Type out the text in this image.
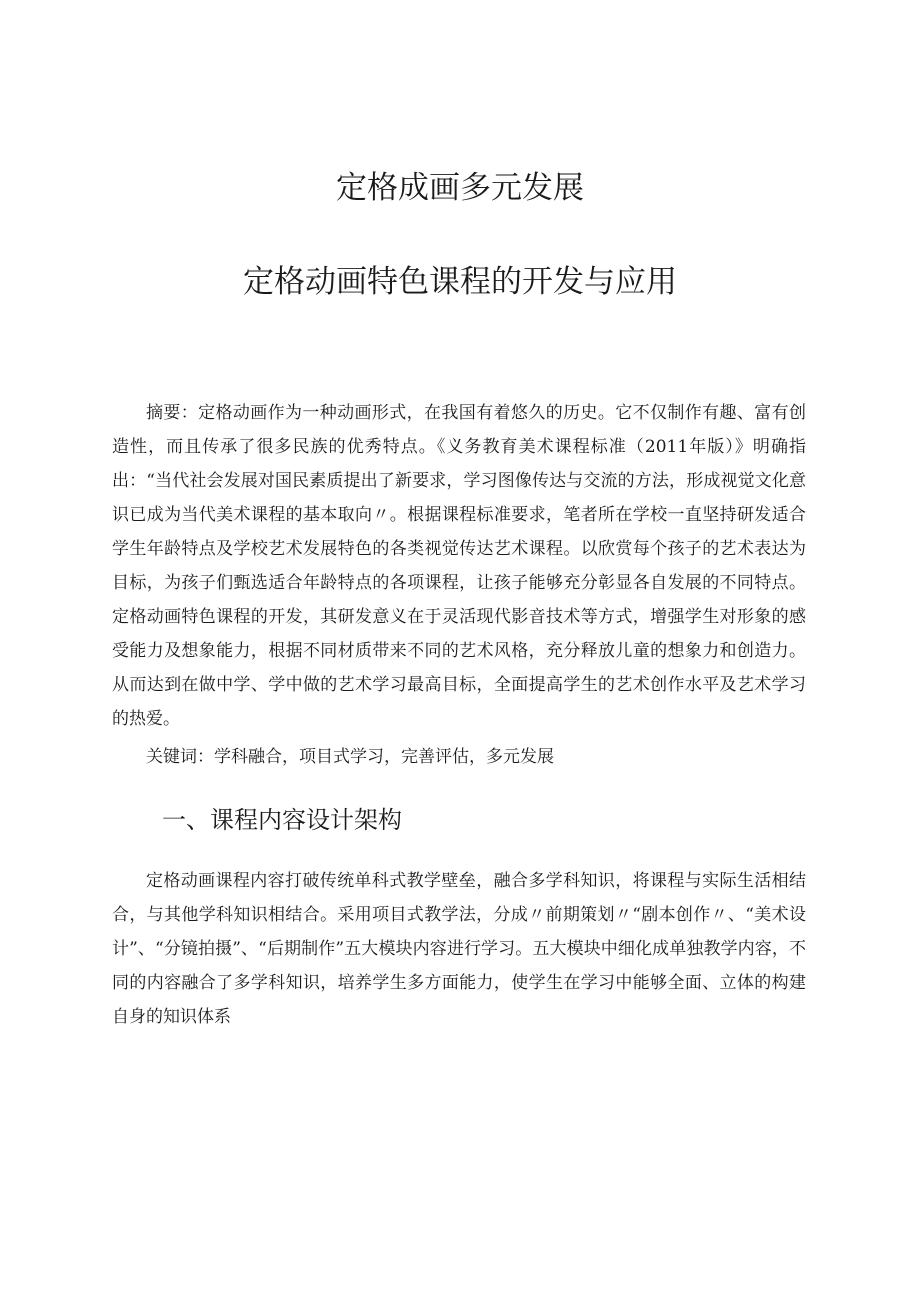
定格成画多元发展
定格动画特色课程的开发与应用

摘要：定格动画作为一种动画形式，在我国有着悠久的历史。它不仅制作有趣、富有创造性，而且传承了很多民族的优秀特点。《义务教育美术课程标准（2011年版）》明确指出：“当代社会发展对国民素质提出了新要求，学习图像传达与交流的方法，形成视觉文化意识已成为当代美术课程的基本取向〃。根据课程标准要求，笔者所在学校一直坚持研发适合学生年龄特点及学校艺术发展特色的各类视觉传达艺术课程。以欣赏每个孩子的艺术表达为目标，为孩子们甄选适合年龄特点的各项课程，让孩子能够充分彰显各自发展的不同特点。定格动画特色课程的开发，其研发意义在于灵活现代影音技术等方式，增强学生对形象的感受能力及想象能力，根据不同材质带来不同的艺术风格，充分释放儿童的想象力和创造力。从而达到在做中学、学中做的艺术学习最高目标，全面提高学生的艺术创作水平及艺术学习的热爱。

关键词：学科融合，项目式学习，完善评估，多元发展

一、课程内容设计架构

定格动画课程内容打破传统单科式教学壁垒，融合多学科知识，将课程与实际生活相结合，与其他学科知识相结合。采用项目式教学法，分成〃前期策划〃“剧本创作〃、“美术设计”、“分镜拍摄”、“后期制作”五大模块内容进行学习。五大模块中细化成单独教学内容，不同的内容融合了多学科知识，培养学生多方面能力，使学生在学习中能够全面、立体的构建自身的知识体系
